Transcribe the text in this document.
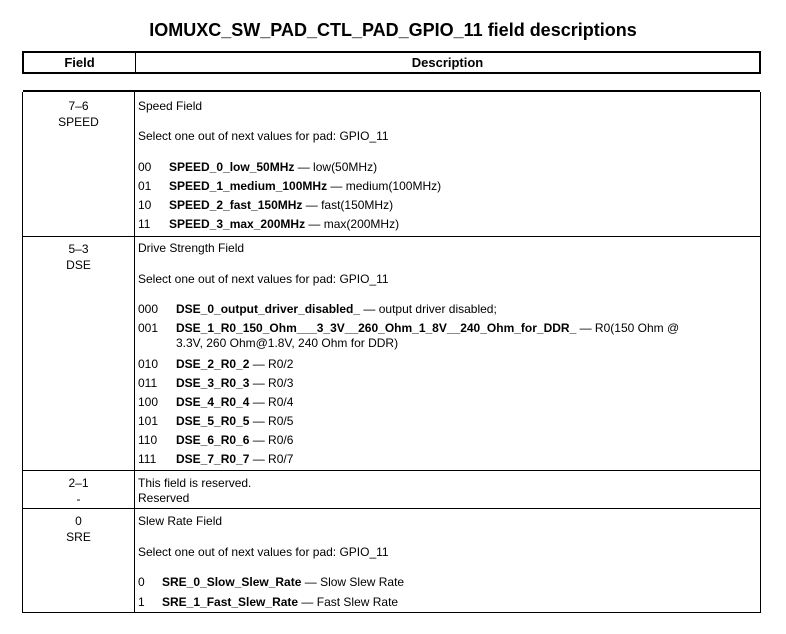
IOMUXC_SW_PAD_CTL_PAD_GPIO_11 field descriptions
Field	Description
7–6
SPEED
Speed Field
Select one out of next values for pad: GPIO_11
00 SPEED_0_low_50MHz — low(50MHz)
01 SPEED_1_medium_100MHz — medium(100MHz)
10 SPEED_2_fast_150MHz — fast(150MHz)
11 SPEED_3_max_200MHz — max(200MHz)
5–3
DSE
Drive Strength Field
Select one out of next values for pad: GPIO_11
000 DSE_0_output_driver_disabled_ — output driver disabled;
001 DSE_1_R0_150_Ohm___3_3V__260_Ohm_1_8V__240_Ohm_for_DDR_ — R0(150 Ohm @
3.3V, 260 Ohm@1.8V, 240 Ohm for DDR)
010 DSE_2_R0_2 — R0/2
011 DSE_3_R0_3 — R0/3
100 DSE_4_R0_4 — R0/4
101 DSE_5_R0_5 — R0/5
110 DSE_6_R0_6 — R0/6
111 DSE_7_R0_7 — R0/7
2–1
-
This field is reserved.
Reserved
0
SRE
Slew Rate Field
Select one out of next values for pad: GPIO_11
0 SRE_0_Slow_Slew_Rate — Slow Slew Rate
1 SRE_1_Fast_Slew_Rate — Fast Slew Rate
